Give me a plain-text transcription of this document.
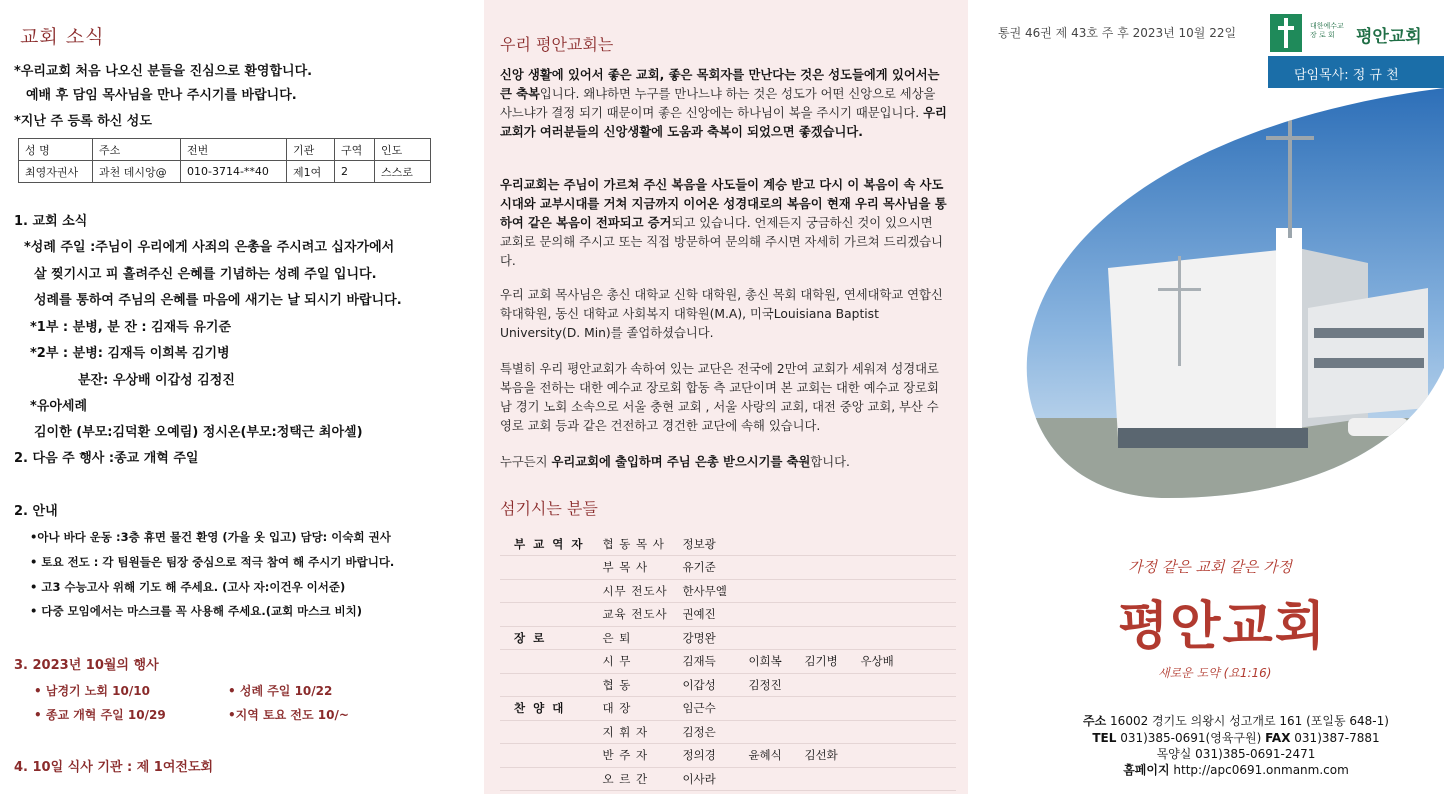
교회 소식
*우리교회 처음 나오신 분들을 진심으로 환영합니다.
예배 후 담임 목사님을 만나 주시기를 바랍니다.
*지난 주 등록 하신 성도
성 명	주소	전번	기관	구역	인도
최영자권사	과천 데시앙@	010-3714-**40	제1여	2	스스로
1. 교회 소식
*성례 주일 :주님이 우리에게 사죄의 은총을 주시려고 십자가에서
살 찢기시고 피 흘려주신 은혜를 기념하는 성례 주일 입니다.
성례를 통하여 주님의 은혜를 마음에 새기는 날 되시기 바랍니다.
*1부 : 분병, 분 잔 : 김재득 유기준
*2부 : 분병: 김재득 이희복 김기병
분잔: 우상배 이갑성 김정진
*유아세례
김이한 (부모:김덕환 오예림) 정시온(부모:정택근 최아셀)
2. 다음 주 행사 :종교 개혁 주일
2. 안내
•아나 바다 운동 :3층 휴면 물건 환영 (가을 옷 입고) 담당: 이숙희 권사
• 토요 전도 : 각 팀원들은 팀장 중심으로 적극 참여 해 주시기 바랍니다.
• 고3 수능고사 위해 기도 해 주세요. (고사 자:이건우 이서준)
• 다중 모임에서는 마스크를 꼭 사용해 주세요.(교회 마스크 비치)
3. 2023년 10월의 행사
• 남경기 노회 10/10	• 성례 주일 10/22
• 종교 개혁 주일 10/29	•지역 토요 전도 10/~
4. 10일 식사 기관 : 제 1여전도회
우리 평안교회는

신앙 생활에 있어서 좋은 교회, 좋은 목회자를 만난다는 것은 성도들에게 있어서는 큰 축복입니다. 왜냐하면 누구를 만나느냐 하는 것은 성도가 어떤 신앙으로 세상을 사느냐가 결정 되기 때문이며 좋은 신앙에는 하나님이 복을 주시기 때문입니다. 우리 교회가 여러분들의 신앙생활에 도움과 축복이 되었으면 좋겠습니다.

우리교회는 주님이 가르쳐 주신 복음을 사도들이 계승 받고 다시 이 복음이 속 사도시대와 교부시대를 거쳐 지금까지 이어온 성경대로의 복음이 현재 우리 목사님을 통하여 같은 복음이 전파되고 증거되고 있습니다. 언제든지 궁금하신 것이 있으시면 교회로 문의해 주시고 또는 직접 방문하여 문의해 주시면 자세히 가르쳐 드리겠습니다.

우리 교회 목사님은 총신 대학교 신학 대학원, 총신 목회 대학원, 연세대학교 연합신학대학원, 동신 대학교 사회복지 대학원(M.A), 미국Louisiana Baptist University(D. Min)를 졸업하셨습니다.

특별히 우리 평안교회가 속하여 있는 교단은 전국에 2만여 교회가 세워져 성경대로 복음을 전하는 대한 예수교 장로회 합동 측 교단이며 본 교회는 대한 예수교 장로회 남 경기 노회 소속으로 서울 충현 교회 , 서울 사랑의 교회, 대전 중앙 교회, 부산 수 영로 교회 등과 같은 건전하고 경건한 교단에 속해 있습니다.

누구든지 우리교회에 출입하며 주님 은총 받으시기를 축원합니다.

섬기시는 분들
부 교 역 자	협 동 목 사	정보광			
	부 목 사	유기준			
	시무 전도사	한사무엘			
	교육 전도사	권예진			
장 로	은 퇴	강명완			
	시 무	김재득	이희복	김기병	우상배
	협 동	이갑성	김정진		
찬 양 대	대 장	임근수			
	지 휘 자	김정은			
	반 주 자	정의경	윤혜식	김선화	
	오 르 간	이사라			
통권 46권 제 43호 주 후 2023년 10월 22일	대한예수교 장 로 회	평안교회
담임목사: 정 규 천
가정 같은 교회 같은 가정
평안교회
새로운 도약 (요1:16)
주소 16002 경기도 의왕시 성고개로 161 (포일동 648-1)
TEL 031)385-0691(영육구원) FAX 031)387-7881
목양실 031)385-0691-2471
홈페이지 http://apc0691.onmanm.com
